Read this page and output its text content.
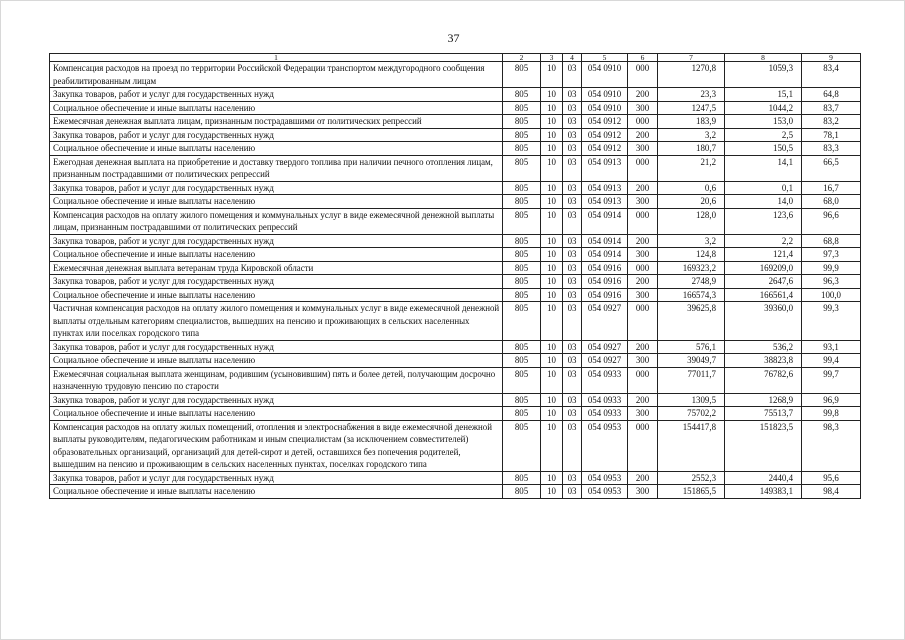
37
1	2	3	4	5	6	7	8	9
Компенсация расходов на проезд по территории Российской Федерации транспортом междугородного сообщения реабилитированным лицам	805	10	03	054 0910	000	1270,8	1059,3	83,4
Закупка товаров, работ и услуг для государственных нужд	805	10	03	054 0910	200	23,3	15,1	64,8
Социальное обеспечение и иные выплаты населению	805	10	03	054 0910	300	1247,5	1044,2	83,7
Ежемесячная денежная выплата лицам, признанным пострадавшими от политических репрессий	805	10	03	054 0912	000	183,9	153,0	83,2
Закупка товаров, работ и услуг для государственных нужд	805	10	03	054 0912	200	3,2	2,5	78,1
Социальное обеспечение и иные выплаты населению	805	10	03	054 0912	300	180,7	150,5	83,3
Ежегодная денежная выплата на приобретение и доставку твердого топлива при наличии печного отопления лицам, признанным пострадавшими от политических репрессий	805	10	03	054 0913	000	21,2	14,1	66,5
Закупка товаров, работ и услуг для государственных нужд	805	10	03	054 0913	200	0,6	0,1	16,7
Социальное обеспечение и иные выплаты населению	805	10	03	054 0913	300	20,6	14,0	68,0
Компенсация расходов на оплату жилого помещения и коммунальных услуг в виде ежемесячной денежной выплаты лицам, признанным пострадавшими от политических репрессий	805	10	03	054 0914	000	128,0	123,6	96,6
Закупка товаров, работ и услуг для государственных нужд	805	10	03	054 0914	200	3,2	2,2	68,8
Социальное обеспечение и иные выплаты населению	805	10	03	054 0914	300	124,8	121,4	97,3
Ежемесячная денежная выплата ветеранам труда Кировской области	805	10	03	054 0916	000	169323,2	169209,0	99,9
Закупка товаров, работ и услуг для государственных нужд	805	10	03	054 0916	200	2748,9	2647,6	96,3
Социальное обеспечение и иные выплаты населению	805	10	03	054 0916	300	166574,3	166561,4	100,0
Частичная компенсация расходов на оплату жилого помещения и коммунальных услуг в виде ежемесячной денежной выплаты отдельным категориям специалистов, вышедших на пенсию и проживающих в сельских населенных пунктах или поселках городского типа	805	10	03	054 0927	000	39625,8	39360,0	99,3
Закупка товаров, работ и услуг для государственных нужд	805	10	03	054 0927	200	576,1	536,2	93,1
Социальное обеспечение и иные выплаты населению	805	10	03	054 0927	300	39049,7	38823,8	99,4
Ежемесячная социальная выплата женщинам, родившим (усыновившим) пять и более детей, получающим досрочно назначенную трудовую пенсию по старости	805	10	03	054 0933	000	77011,7	76782,6	99,7
Закупка товаров, работ и услуг для государственных нужд	805	10	03	054 0933	200	1309,5	1268,9	96,9
Социальное обеспечение и иные выплаты населению	805	10	03	054 0933	300	75702,2	75513,7	99,8
Компенсация расходов на оплату жилых помещений, отопления и электроснабжения в виде ежемесячной денежной выплаты руководителям, педагогическим работникам и иным специалистам (за исключением совместителей) образовательных организаций, организаций для детей-сирот и детей, оставшихся без попечения родителей, вышедшим на пенсию и проживающим в сельских населенных пунктах, поселках городского типа	805	10	03	054 0953	000	154417,8	151823,5	98,3
Закупка товаров, работ и услуг для государственных нужд	805	10	03	054 0953	200	2552,3	2440,4	95,6
Социальное обеспечение и иные выплаты населению	805	10	03	054 0953	300	151865,5	149383,1	98,4
